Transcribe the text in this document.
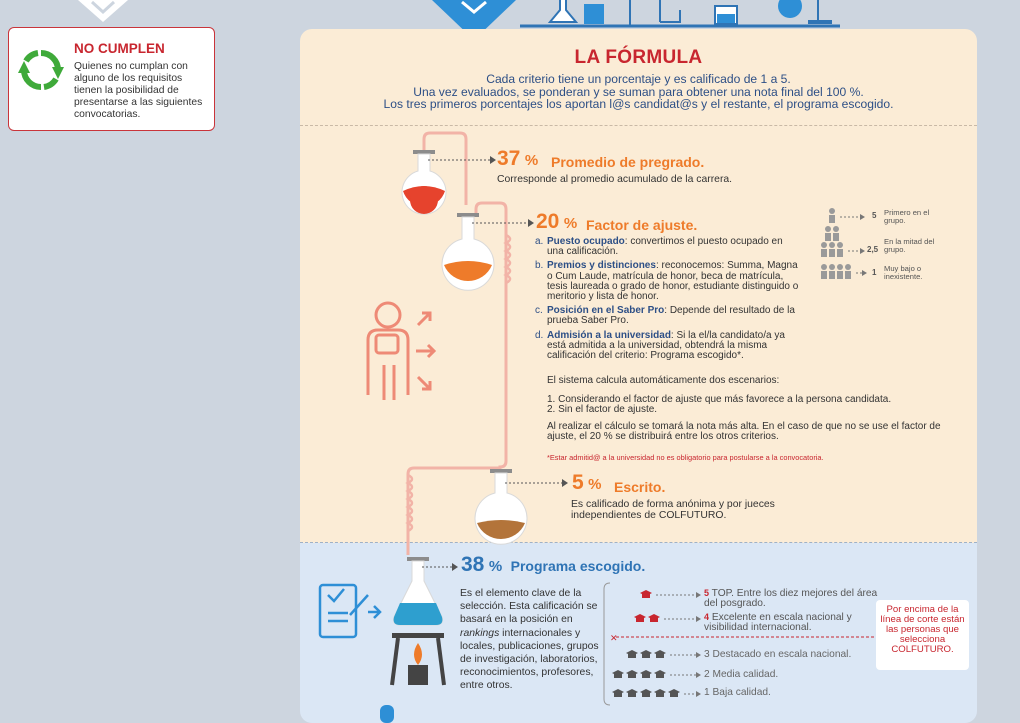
NO CUMPLEN
Quienes no cumplan con alguno de los requisitos tienen la posibilidad de presentarse a las siguientes convocatorias.
LA FÓRMULA
Cada criterio tiene un porcentaje y es calificado de 1 a 5.
Una vez evaluados, se ponderan y se suman para obtener una nota final del 100 %.
Los tres primeros porcentajes los aportan l@s candidat@s y el restante, el programa escogido.
37 % Promedio de pregrado.
Corresponde al promedio acumulado de la carrera.
20 % Factor de ajuste.
a. Puesto ocupado: convertimos el puesto ocupado en una calificación.
b. Premios y distinciones: reconocemos: Summa, Magna o Cum Laude, matrícula de honor, beca de matrícula, tesis laureada o grado de honor, estudiante distinguido o meritorio y lista de honor.
c. Posición en el Saber Pro: Depende del resultado de la prueba Saber Pro.
d. Admisión a la universidad: Si la el/la candidato/a ya está admitida a la universidad, obtendrá la misma calificación del criterio: Programa escogido*.
5 Primero en el grupo.
2,5
En la mitad del grupo.
1 Muy bajo o inexistente.
El sistema calcula automáticamente dos escenarios:
1. Considerando el factor de ajuste que más favorece a la persona candidata.
2. Sin el factor de ajuste.
Al realizar el cálculo se tomará la nota más alta. En el caso de que no se use el factor de ajuste, el 20 % se distribuirá entre los otros criterios.
*Estar admitid@ a la universidad no es obligatorio para postularse a la convocatoria.
5 % Escrito.
Es calificado de forma anónima y por jueces independientes de COLFUTURO.
38 % Programa escogido.
Es el elemento clave de la selección. Esta calificación se basará en la posición en rankings internacionales y locales, publicaciones, grupos de investigación, laboratorios, reconocimientos, profesores, entre otros.
✕
5 TOP. Entre los diez mejores del área del posgrado.
4 Excelente en escala nacional y visibilidad internacional.
3 Destacado en escala nacional.
2 Media calidad.
1 Baja calidad.
Por encima de la línea de corte están las personas que selecciona COLFUTURO.
